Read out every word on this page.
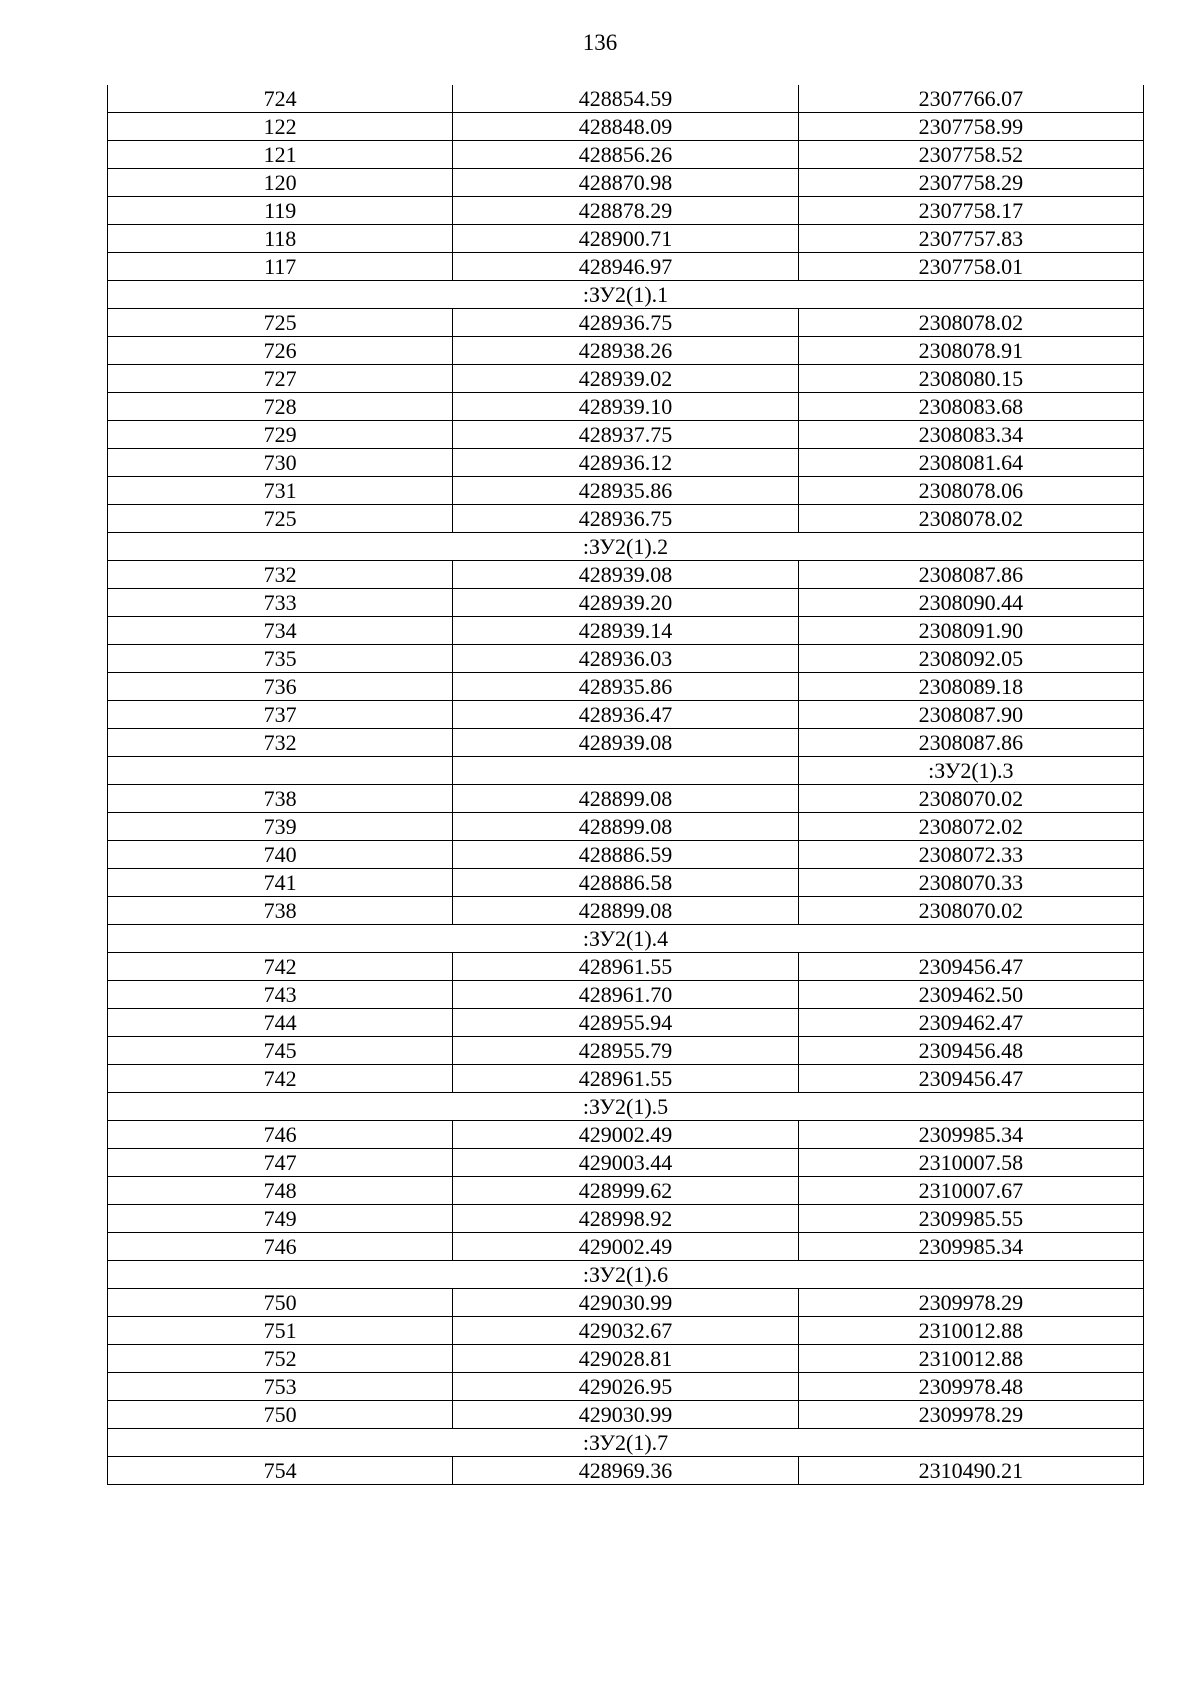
136
724	428854.59	2307766.07
122	428848.09	2307758.99
121	428856.26	2307758.52
120	428870.98	2307758.29
119	428878.29	2307758.17
118	428900.71	2307757.83
117	428946.97	2307758.01
:ЗУ2(1).1		
725	428936.75	2308078.02
726	428938.26	2308078.91
727	428939.02	2308080.15
728	428939.10	2308083.68
729	428937.75	2308083.34
730	428936.12	2308081.64
731	428935.86	2308078.06
725	428936.75	2308078.02
:ЗУ2(1).2		
732	428939.08	2308087.86
733	428939.20	2308090.44
734	428939.14	2308091.90
735	428936.03	2308092.05
736	428935.86	2308089.18
737	428936.47	2308087.90
732	428939.08	2308087.86
		:ЗУ2(1).3
738	428899.08	2308070.02
739	428899.08	2308072.02
740	428886.59	2308072.33
741	428886.58	2308070.33
738	428899.08	2308070.02
:ЗУ2(1).4		
742	428961.55	2309456.47
743	428961.70	2309462.50
744	428955.94	2309462.47
745	428955.79	2309456.48
742	428961.55	2309456.47
:ЗУ2(1).5		
746	429002.49	2309985.34
747	429003.44	2310007.58
748	428999.62	2310007.67
749	428998.92	2309985.55
746	429002.49	2309985.34
:ЗУ2(1).6		
750	429030.99	2309978.29
751	429032.67	2310012.88
752	429028.81	2310012.88
753	429026.95	2309978.48
750	429030.99	2309978.29
:ЗУ2(1).7		
754	428969.36	2310490.21
